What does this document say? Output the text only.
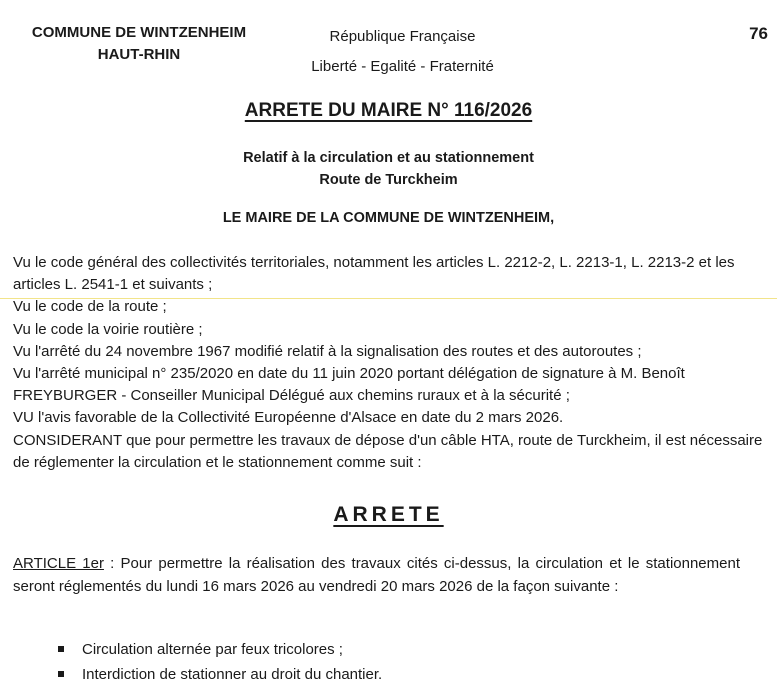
COMMUNE DE WINTZENHEIM
HAUT-RHIN
République Française
Liberté - Egalité - Fraternité
76
ARRETE DU MAIRE N° 116/2026
Relatif à la circulation et au stationnement
Route de Turckheim
LE MAIRE DE LA COMMUNE DE WINTZENHEIM,

Vu le code général des collectivités territoriales, notamment les articles L. 2212-2, L. 2213-1, L. 2213-2 et les articles L. 2541-1 et suivants ;

Vu le code de la route ;

Vu le code la voirie routière ;

Vu l'arrêté du 24 novembre 1967 modifié relatif à la signalisation des routes et des autoroutes ;

Vu l'arrêté municipal n° 235/2020 en date du 11 juin 2020 portant délégation de signature à M. Benoît FREYBURGER - Conseiller Municipal Délégué aux chemins ruraux et à la sécurité ;

VU l'avis favorable de la Collectivité Européenne d'Alsace en date du 2 mars 2026.

CONSIDERANT que pour permettre les travaux de dépose d'un câble HTA, route de Turckheim, il est nécessaire de réglementer la circulation et le stationnement comme suit :

ARRETE

ARTICLE 1er : Pour permettre la réalisation des travaux cités ci-dessus, la circulation et le stationnement seront réglementés du lundi 16 mars 2026 au vendredi 20 mars 2026 de la façon suivante :

Circulation alternée par feux tricolores ;
Interdiction de stationner au droit du chantier.
